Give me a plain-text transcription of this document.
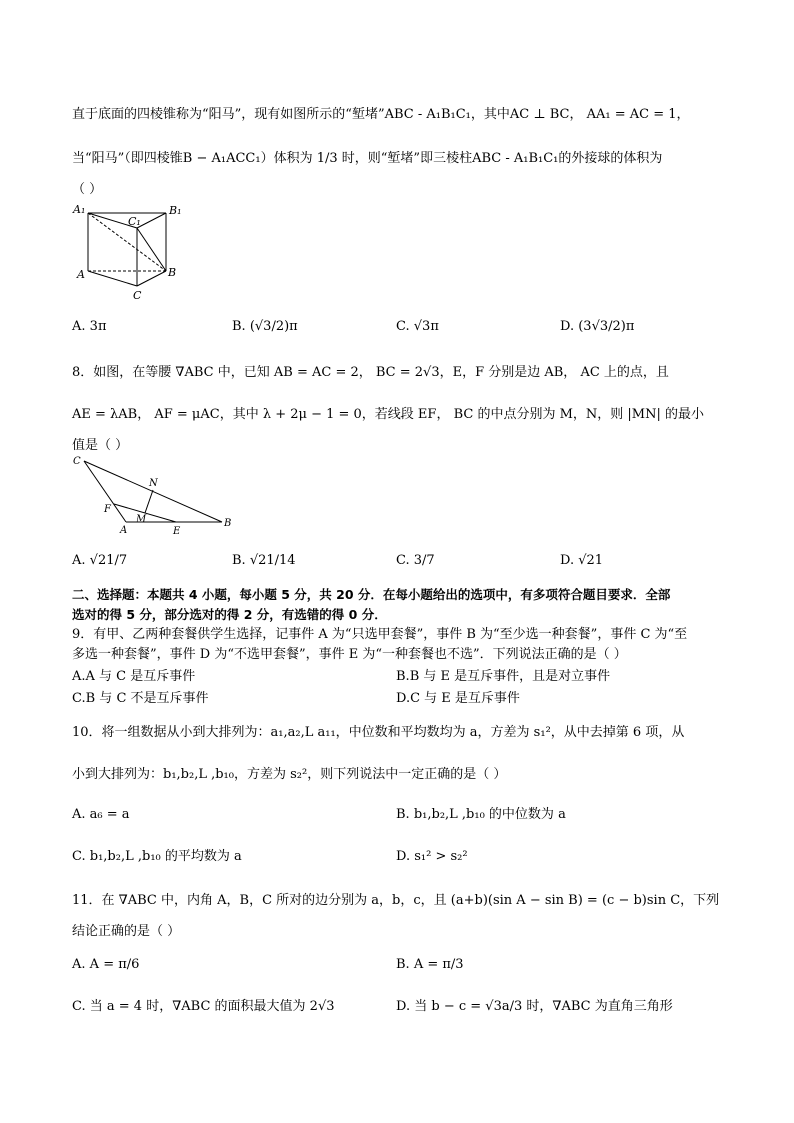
直于底面的四棱锥称为“阳马”，现有如图所示的“堑堵”ABC - A₁B₁C₁，其中AC ⊥ BC， AA₁ = AC = 1，
当“阳马”（即四棱锥B − A₁ACC₁）体积为 1/3 时，则“堑堵”即三棱柱ABC - A₁B₁C₁的外接球的体积为
（ ）
A₁
C₁
B₁
A	B
C
A. 3π	B. (√3/2)π	C. √3π	D. (3√3/2)π
8．如图，在等腰 ∇ABC 中，已知 AB = AC = 2， BC = 2√3，E，F 分别是边 AB， AC 上的点，且
AE = λAB， AF = μAC，其中 λ + 2μ − 1 = 0，若线段 EF， BC 的中点分别为 M，N，则 |MN| 的最小
值是（ ）
C
N
F
M
A	E
B
A. √21/7	B. √21/14	C. 3/7	D. √21
二、选择题：本题共 4 小题，每小题 5 分，共 20 分．在每小题给出的选项中，有多项符合题目要求．全部
选对的得 5 分，部分选对的得 2 分，有选错的得 0 分．
9．有甲、乙两种套餐供学生选择，记事件 A 为“只选甲套餐”，事件 B 为“至少选一种套餐”，事件 C 为“至
多选一种套餐”，事件 D 为“不选甲套餐”，事件 E 为“一种套餐也不选”．下列说法正确的是（ ）
A.A 与 C 是互斥事件	B.B 与 E 是互斥事件，且是对立事件
C.B 与 C 不是互斥事件	D.C 与 E 是互斥事件
10．将一组数据从小到大排列为：a₁,a₂,L a₁₁，中位数和平均数均为 a，方差为 s₁²，从中去掉第 6 项，从
小到大排列为：b₁,b₂,L ,b₁₀，方差为 s₂²，则下列说法中一定正确的是（ ）
A. a₆ = a	B. b₁,b₂,L ,b₁₀ 的中位数为 a
C. b₁,b₂,L ,b₁₀ 的平均数为 a	D. s₁² > s₂²
11．在 ∇ABC 中，内角 A，B，C 所对的边分别为 a，b，c，且 (a+b)(sin A − sin B) = (c − b)sin C，下列
结论正确的是（ ）
A. A = π/6	B. A = π/3
C. 当 a = 4 时，∇ABC 的面积最大值为 2√3	D. 当 b − c = √3a/3 时，∇ABC 为直角三角形
